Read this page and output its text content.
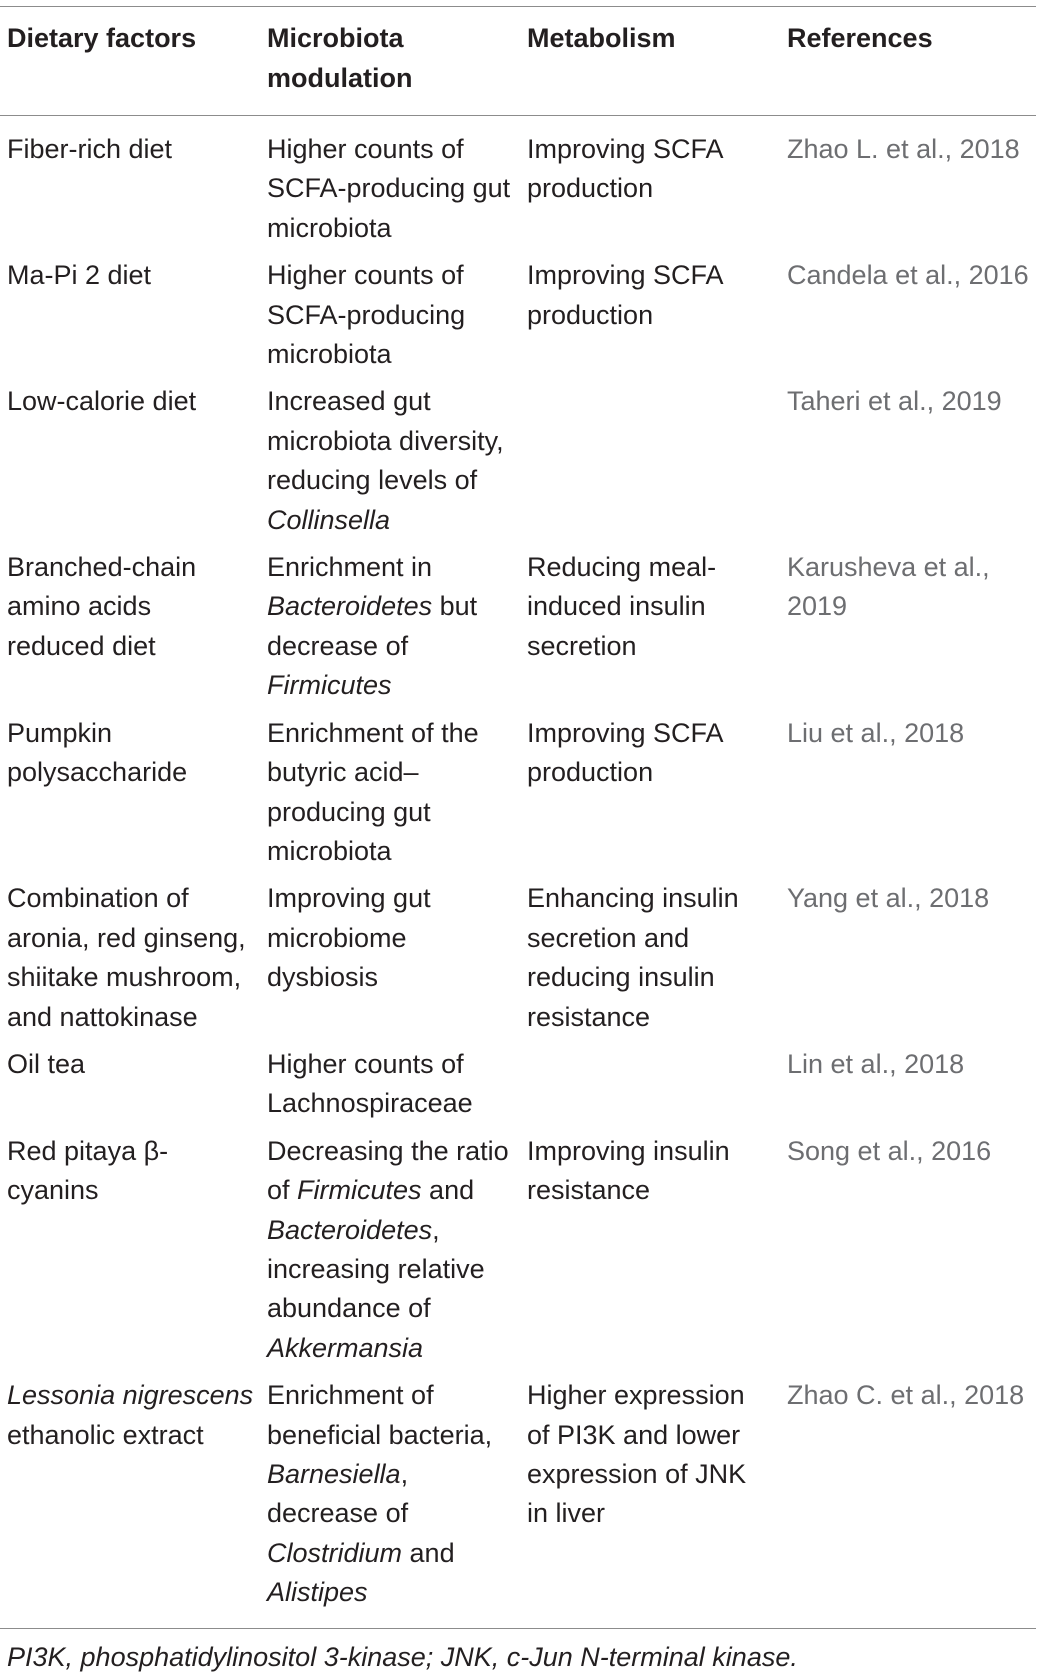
Dietary factors	Microbiota modulation	Metabolism	References
Fiber-rich diet	Higher counts of SCFA-producing gut microbiota	Improving SCFA production	Zhao L. et al., 2018
Ma-Pi 2 diet	Higher counts of SCFA-producing microbiota	Improving SCFA production	Candela et al., 2016
Low-calorie diet	Increased gut microbiota diversity, reducing levels of Collinsella		Taheri et al., 2019
Branched-chain amino acids reduced diet	Enrichment in Bacteroidetes but decrease of Firmicutes	Reducing meal-induced insulin secretion	Karusheva et al., 2019
Pumpkin polysaccharide	Enrichment of the butyric acid–producing gut microbiota	Improving SCFA production	Liu et al., 2018
Combination of aronia, red ginseng, shiitake mushroom, and nattokinase	Improving gut microbiome dysbiosis	Enhancing insulin secretion and reducing insulin resistance	Yang et al., 2018
Oil tea	Higher counts of Lachnospiraceae		Lin et al., 2018
Red pitaya β-cyanins	Decreasing the ratio of Firmicutes and Bacteroidetes, increasing relative abundance of Akkermansia	Improving insulin resistance	Song et al., 2016
Lessonia nigrescens ethanolic extract	Enrichment of beneficial bacteria, Barnesiella, decrease of Clostridium and Alistipes	Higher expression of PI3K and lower expression of JNK in liver	Zhao C. et al., 2018
PI3K, phosphatidylinositol 3-kinase; JNK, c-Jun N-terminal kinase.
